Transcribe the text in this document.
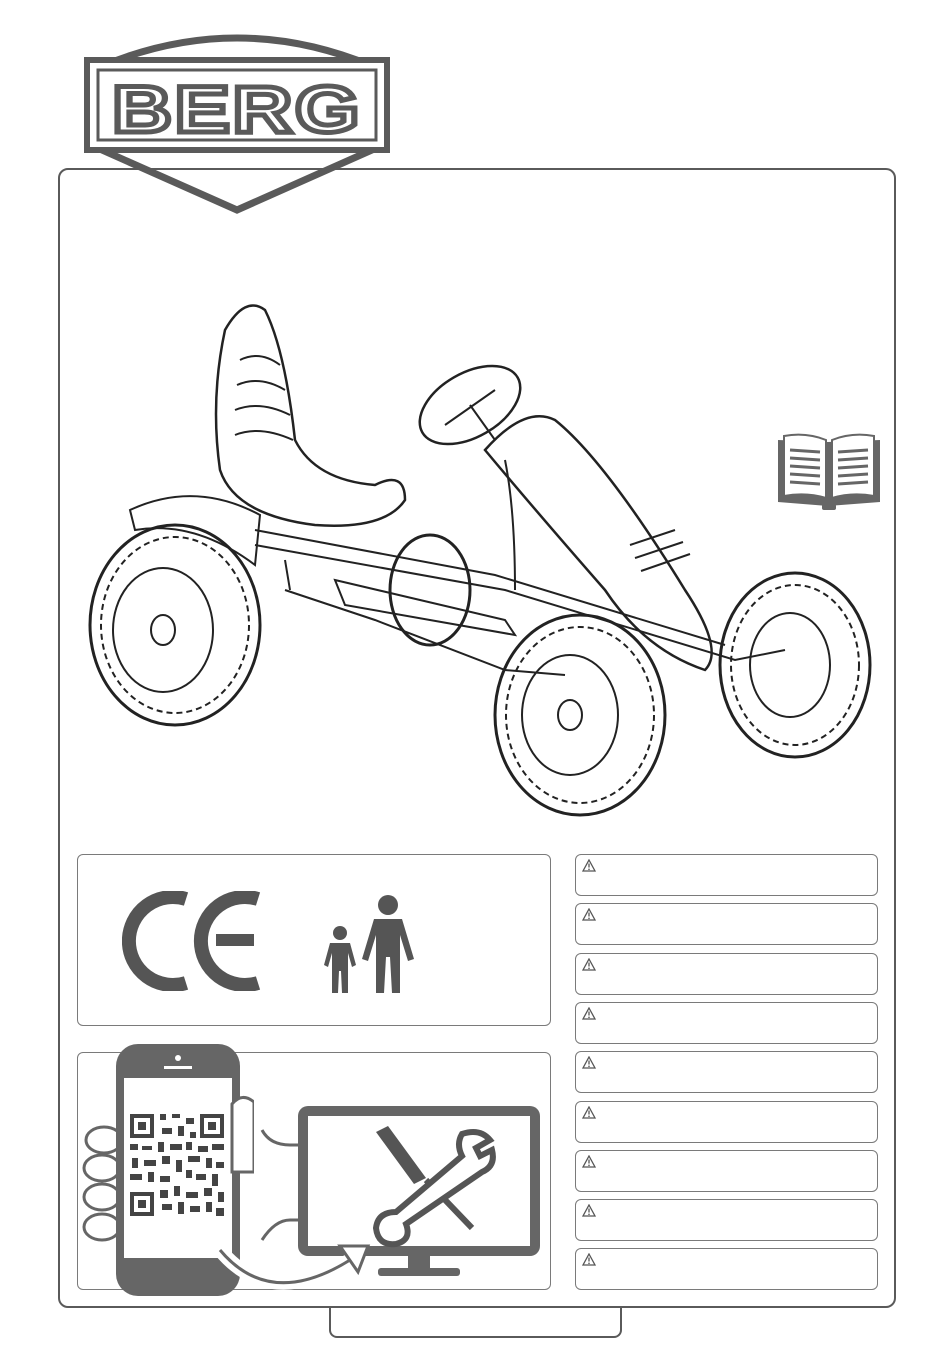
BERG
